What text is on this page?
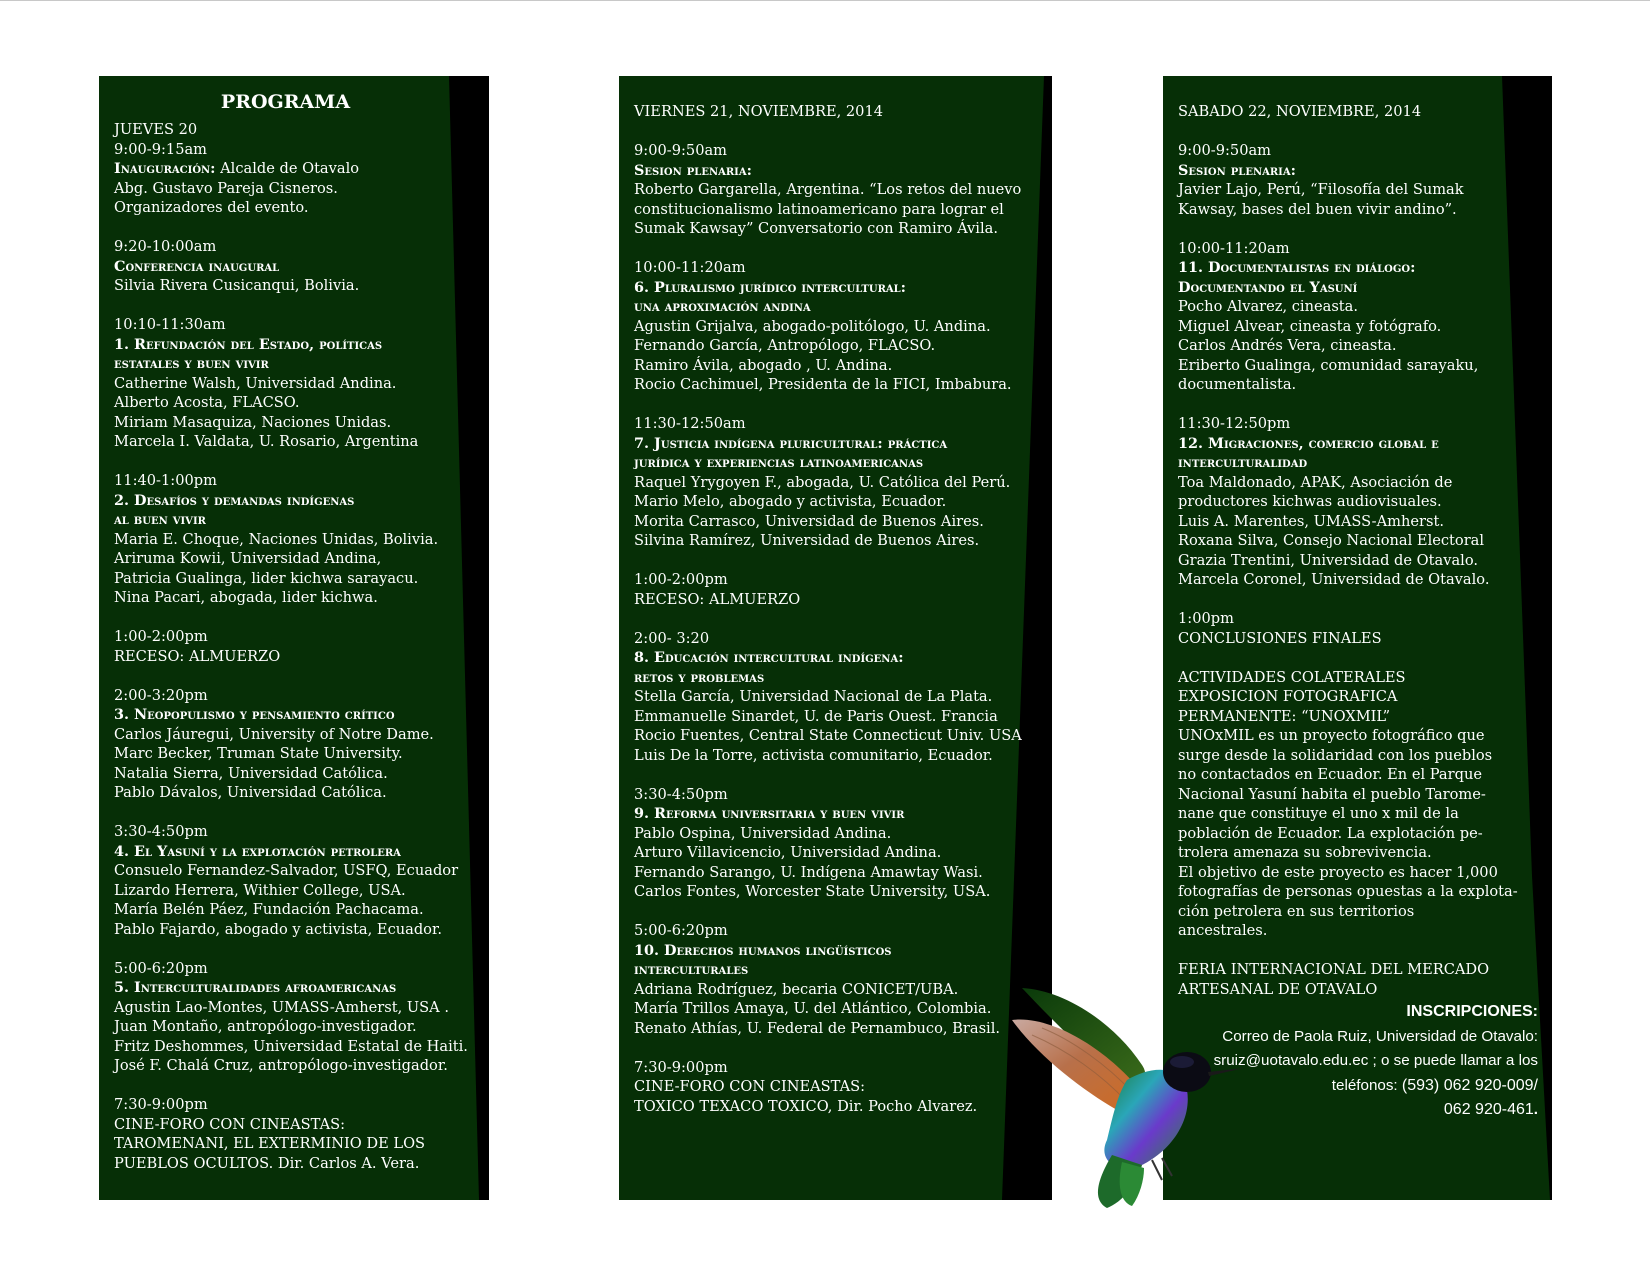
PROGRAMA
JUEVES 20
9:00-9:15am
Inauguración: Alcalde de Otavalo
Abg. Gustavo Pareja Cisneros.
Organizadores del evento.
9:20-10:00am
Conferencia inaugural
Silvia Rivera Cusicanqui, Bolivia.
10:10-11:30am
1. Refundación del Estado, políticas
estatales y buen vivir
Catherine Walsh, Universidad Andina.
Alberto Acosta, FLACSO.
Miriam Masaquiza, Naciones Unidas.
Marcela I. Valdata, U. Rosario, Argentina
11:40-1:00pm
2. Desafíos y demandas indígenas
al buen vivir
Maria E. Choque, Naciones Unidas, Bolivia.
Ariruma Kowii, Universidad Andina,
Patricia Gualinga, lider kichwa sarayacu.
Nina Pacari, abogada, lider kichwa.
1:00-2:00pm
RECESO: ALMUERZO
2:00-3:20pm
3. Neopopulismo y pensamiento crítico
Carlos Jáuregui, University of Notre Dame.
Marc Becker, Truman State University.
Natalia Sierra, Universidad Católica.
Pablo Dávalos, Universidad Católica.
3:30-4:50pm
4. El Yasuní y la explotación petrolera
Consuelo Fernandez-Salvador, USFQ, Ecuador
Lizardo Herrera, Withier College, USA.
María Belén Páez, Fundación Pachacama.
Pablo Fajardo, abogado y activista, Ecuador.
5:00-6:20pm
5. Interculturalidades afroamericanas
Agustin Lao-Montes, UMASS-Amherst, USA .
Juan Montaño, antropólogo-investigador.
Fritz Deshommes, Universidad Estatal de Haiti.
José F. Chalá Cruz, antropólogo-investigador.
7:30-9:00pm
CINE-FORO CON CINEASTAS:
TAROMENANI, EL EXTERMINIO DE LOS
PUEBLOS OCULTOS. Dir. Carlos A. Vera.
VIERNES 21, NOVIEMBRE, 2014
9:00-9:50am
Sesion plenaria:
Roberto Gargarella, Argentina. “Los retos del nuevo
constitucionalismo latinoamericano para lograr el
Sumak Kawsay” Conversatorio con Ramiro Ávila.
10:00-11:20am
6. Pluralismo jurídico intercultural:
una aproximación andina
Agustin Grijalva, abogado-politólogo, U. Andina.
Fernando García, Antropólogo, FLACSO.
Ramiro Ávila, abogado , U. Andina.
Rocio Cachimuel, Presidenta de la FICI, Imbabura.
11:30-12:50am
7. Justicia indígena pluricultural: práctica
jurídica y experiencias latinoamericanas
Raquel Yrygoyen F., abogada, U. Católica del Perú.
Mario Melo, abogado y activista, Ecuador.
Morita Carrasco, Universidad de Buenos Aires.
Silvina Ramírez, Universidad de Buenos Aires.
1:00-2:00pm
RECESO: ALMUERZO
2:00- 3:20
8. Educación intercultural indígena:
retos y problemas
Stella García, Universidad Nacional de La Plata.
Emmanuelle Sinardet, U. de Paris Ouest. Francia
Rocio Fuentes, Central State Connecticut Univ. USA
Luis De la Torre, activista comunitario, Ecuador.
3:30-4:50pm
9. Reforma universitaria y buen vivir
Pablo Ospina, Universidad Andina.
Arturo Villavicencio, Universidad Andina.
Fernando Sarango, U. Indígena Amawtay Wasi.
Carlos Fontes, Worcester State University, USA.
5:00-6:20pm
10. Derechos humanos lingüísticos
interculturales
Adriana Rodríguez, becaria CONICET/UBA.
María Trillos Amaya, U. del Atlántico, Colombia.
Renato Athías, U. Federal de Pernambuco, Brasil.
7:30-9:00pm
CINE-FORO CON CINEASTAS:
TOXICO TEXACO TOXICO, Dir. Pocho Alvarez.
SABADO 22, NOVIEMBRE, 2014
9:00-9:50am
Sesion plenaria:
Javier Lajo, Perú, “Filosofía del Sumak
Kawsay, bases del buen vivir andino”.
10:00-11:20am
11. Documentalistas en diálogo:
Documentando el Yasuní
Pocho Alvarez, cineasta.
Miguel Alvear, cineasta y fotógrafo.
Carlos Andrés Vera, cineasta.
Eriberto Gualinga, comunidad sarayaku,
documentalista.
11:30-12:50pm
12. Migraciones, comercio global e
interculturalidad
Toa Maldonado, APAK, Asociación de
productores kichwas audiovisuales.
Luis A. Marentes, UMASS-Amherst.
Roxana Silva, Consejo Nacional Electoral
Grazia Trentini, Universidad de Otavalo.
Marcela Coronel, Universidad de Otavalo.
1:00pm
CONCLUSIONES FINALES
ACTIVIDADES COLATERALES
EXPOSICION FOTOGRAFICA
PERMANENTE: “UNOXMIL”
UNOxMIL es un proyecto fotográfico que
surge desde la solidaridad con los pueblos
no contactados en Ecuador. En el Parque
Nacional Yasuní habita el pueblo Tarome-
nane que constituye el uno x mil de la
población de Ecuador. La explotación pe-
trolera amenaza su sobrevivencia.
El objetivo de este proyecto es hacer 1,000
fotografías de personas opuestas a la explota-
ción petrolera en sus territorios
ancestrales.
FERIA INTERNACIONAL DEL MERCADO
ARTESANAL DE OTAVALO
INSCRIPCIONES:
Correo de Paola Ruiz, Universidad de Otavalo:
sruiz@uotavalo.edu.ec ; o se puede llamar a los
teléfonos: (593) 062 920-009/
062 920-461.
